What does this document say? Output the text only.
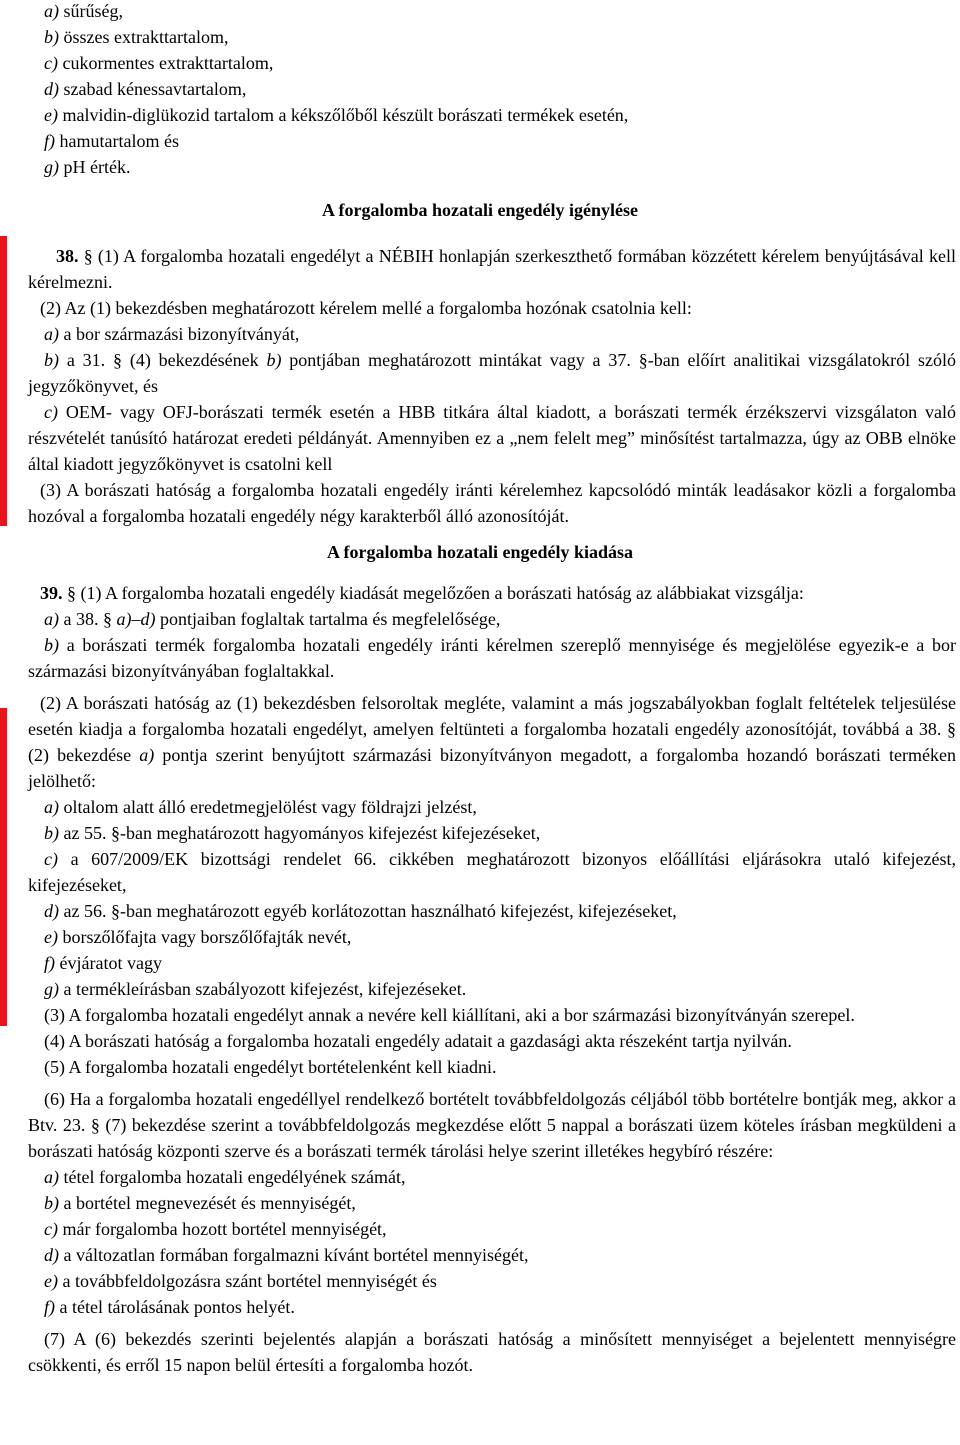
a) sűrűség,

b) összes extrakttartalom,

c) cukormentes extrakttartalom,

d) szabad kénessavtartalom,

e) malvidin-diglükozid tartalom a kékszőlőből készült borászati termékek esetén,

f) hamutartalom és

g) pH érték.

A forgalomba hozatali engedély igénylése

38. § (1) A forgalomba hozatali engedélyt a NÉBIH honlapján szerkeszthető formában közzétett kérelem benyújtásával kell kérelmezni.

(2) Az (1) bekezdésben meghatározott kérelem mellé a forgalomba hozónak csatolnia kell:

a) a bor származási bizonyítványát,

b) a 31. § (4) bekezdésének b) pontjában meghatározott mintákat vagy a 37. §-ban előírt analitikai vizsgálatokról szóló jegyzőkönyvet, és

c) OEM- vagy OFJ-borászati termék esetén a HBB titkára által kiadott, a borászati termék érzékszervi vizsgálaton való részvételét tanúsító határozat eredeti példányát. Amennyiben ez a „nem felelt meg” minősítést tartalmazza, úgy az OBB elnöke által kiadott jegyzőkönyvet is csatolni kell

(3) A borászati hatóság a forgalomba hozatali engedély iránti kérelemhez kapcsolódó minták leadásakor közli a forgalomba hozóval a forgalomba hozatali engedély négy karakterből álló azonosítóját.

A forgalomba hozatali engedély kiadása

39. § (1) A forgalomba hozatali engedély kiadását megelőzően a borászati hatóság az alábbiakat vizsgálja:

a) a 38. § a)–d) pontjaiban foglaltak tartalma és megfelelősége,

b) a borászati termék forgalomba hozatali engedély iránti kérelmen szereplő mennyisége és megjelölése egyezik-e a bor származási bizonyítványában foglaltakkal.

(2) A borászati hatóság az (1) bekezdésben felsoroltak megléte, valamint a más jogszabályokban foglalt feltételek teljesülése esetén kiadja a forgalomba hozatali engedélyt, amelyen feltünteti a forgalomba hozatali engedély azonosítóját, továbbá a 38. § (2) bekezdése a) pontja szerint benyújtott származási bizonyítványon megadott, a forgalomba hozandó borászati terméken jelölhető:

a) oltalom alatt álló eredetmegjelölést vagy földrajzi jelzést,

b) az 55. §-ban meghatározott hagyományos kifejezést kifejezéseket,

c) a 607/2009/EK bizottsági rendelet 66. cikkében meghatározott bizonyos előállítási eljárásokra utaló kifejezést, kifejezéseket,

d) az 56. §-ban meghatározott egyéb korlátozottan használható kifejezést, kifejezéseket,

e) borszőlőfajta vagy borszőlőfajták nevét,

f) évjáratot vagy

g) a termékleírásban szabályozott kifejezést, kifejezéseket.

(3) A forgalomba hozatali engedélyt annak a nevére kell kiállítani, aki a bor származási bizonyítványán szerepel.

(4) A borászati hatóság a forgalomba hozatali engedély adatait a gazdasági akta részeként tartja nyilván.

(5) A forgalomba hozatali engedélyt bortételenként kell kiadni.

(6) Ha a forgalomba hozatali engedéllyel rendelkező bortételt továbbfeldolgozás céljából több bortételre bontják meg, akkor a Btv. 23. § (7) bekezdése szerint a továbbfeldolgozás megkezdése előtt 5 nappal a borászati üzem köteles írásban megküldeni a borászati hatóság központi szerve és a borászati termék tárolási helye szerint illetékes hegybíró részére:

a) tétel forgalomba hozatali engedélyének számát,

b) a bortétel megnevezését és mennyiségét,

c) már forgalomba hozott bortétel mennyiségét,

d) a változatlan formában forgalmazni kívánt bortétel mennyiségét,

e) a továbbfeldolgozásra szánt bortétel mennyiségét és

f) a tétel tárolásának pontos helyét.

(7) A (6) bekezdés szerinti bejelentés alapján a borászati hatóság a minősített mennyiséget a bejelentett mennyiségre csökkenti, és erről 15 napon belül értesíti a forgalomba hozót.
